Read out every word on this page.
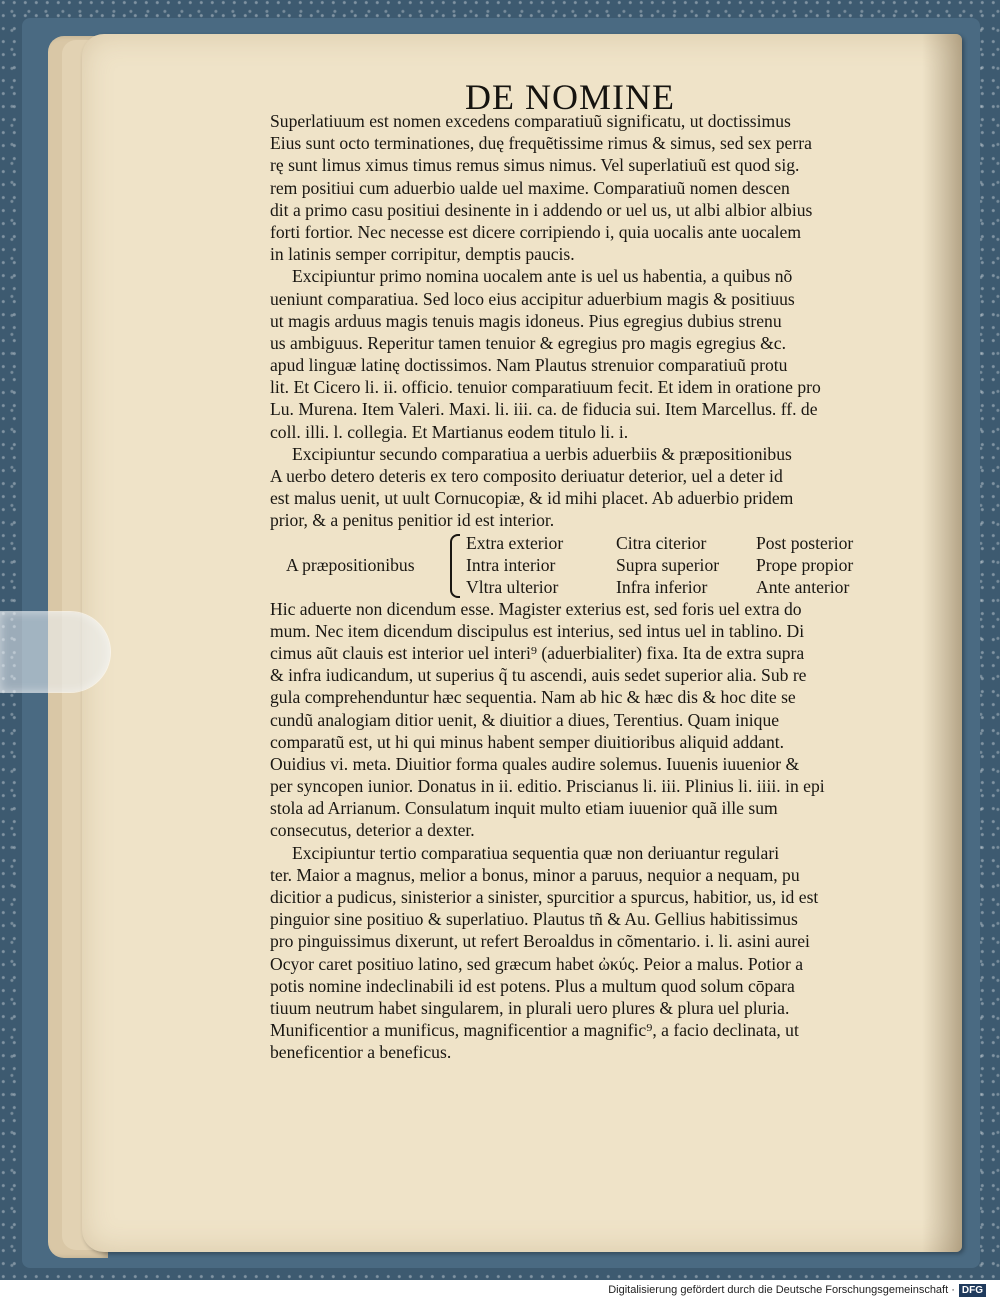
DE NOMINE
Superlatiuum est nomen excedens comparatiuũ significatu, ut doctissimus
Eius sunt octo terminationes, duę frequẽtissime rimus & simus, sed sex perra
rę sunt limus ximus timus remus simus nimus. Vel superlatiuũ est quod sig.
rem positiui cum aduerbio ualde uel maxime. Comparatiuũ nomen descen
dit a primo casu positiui desinente in i addendo or uel us, ut albi albior albius
forti fortior. Nec necesse est dicere corripiendo i, quia uocalis ante uocalem
in latinis semper corripitur, demptis paucis.
Excipiuntur primo nomina uocalem ante is uel us habentia, a quibus nõ
ueniunt comparatiua. Sed loco eius accipitur aduerbium magis & positiuus
ut magis arduus magis tenuis magis idoneus. Pius egregius dubius strenu
us ambiguus. Reperitur tamen tenuior & egregius pro magis egregius &c.
apud linguæ latinę doctissimos. Nam Plautus strenuior comparatiuũ protu
lit. Et Cicero li. ii. officio. tenuior comparatiuum fecit. Et idem in oratione pro
Lu. Murena. Item Valeri. Maxi. li. iii. ca. de fiducia sui. Item Marcellus. ff. de
coll. illi. l. collegia. Et Martianus eodem titulo li. i.
Excipiuntur secundo comparatiua a uerbis aduerbiis & præpositionibus
A uerbo detero deteris ex tero composito deriuatur deterior, uel a deter id
est malus uenit, ut uult Cornucopiæ, & id mihi placet. Ab aduerbio pridem
prior, & a penitus penitior id est interior.
A præpositionibus
Extra exterior
Intra interior
Vltra ulterior
Citra citerior
Supra superior
Infra inferior
Post posterior
Prope propior
Ante anterior
Hic aduerte non dicendum esse. Magister exterius est, sed foris uel extra do
mum. Nec item dicendum discipulus est interius, sed intus uel in tablino. Di
cimus aũt clauis est interior uel interi⁹ (aduerbialiter) fixa. Ita de extra supra
& infra iudicandum, ut superius q̃ tu ascendi, auis sedet superior alia. Sub re
gula comprehenduntur hæc sequentia. Nam ab hic & hæc dis & hoc dite se
cundũ analogiam ditior uenit, & diuitior a diues, Terentius. Quam inique
comparatũ est, ut hi qui minus habent semper diuitioribus aliquid addant.
Ouidius vi. meta. Diuitior forma quales audire solemus. Iuuenis iuuenior &
per syncopen iunior. Donatus in ii. editio. Priscianus li. iii. Plinius li. iiii. in epi
stola ad Arrianum. Consulatum inquit multo etiam iuuenior quã ille sum
consecutus, deterior a dexter.
Excipiuntur tertio comparatiua sequentia quæ non deriuantur regulari
ter. Maior a magnus, melior a bonus, minor a paruus, nequior a nequam, pu
dicitior a pudicus, sinisterior a sinister, spurcitior a spurcus, habitior, us, id est
pinguior sine positiuo & superlatiuo. Plautus tñ & Au. Gellius habitissimus
pro pinguissimus dixerunt, ut refert Beroaldus in cõmentario. i. li. asini aurei
Ocyor caret positiuo latino, sed græcum habet ὠκύς. Peior a malus. Potior a
potis nomine indeclinabili id est potens. Plus a multum quod solum cōpara
tiuum neutrum habet singularem, in plurali uero plures & plura uel pluria.
Munificentior a munificus, magnificentior a magnific⁹, a facio declinata, ut
beneficentior a beneficus.
Digitalisierung gefördert durch die Deutsche Forschungsgemeinschaft · DFG
